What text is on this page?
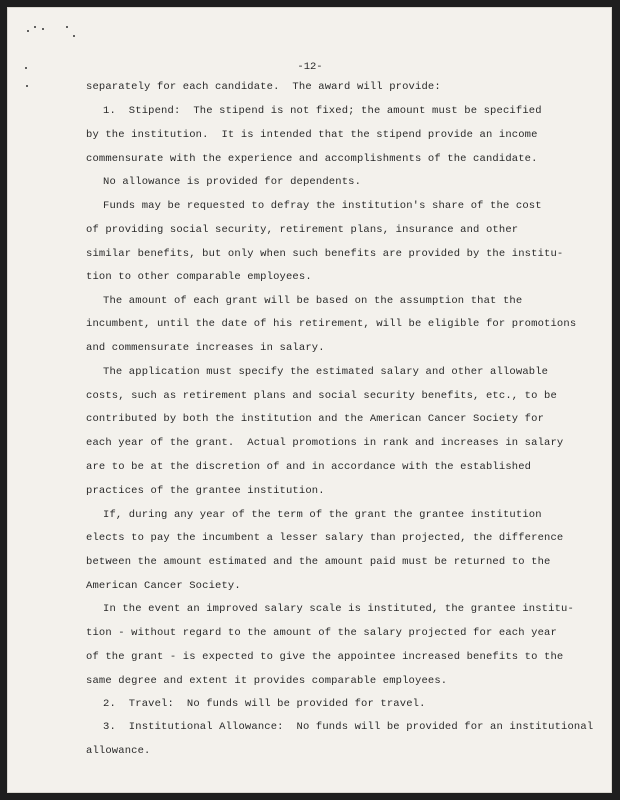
-12-
separately for each candidate.  The award will provide:
1.  Stipend:  The stipend is not fixed; the amount must be specified
by the institution.  It is intended that the stipend provide an income
commensurate with the experience and accomplishments of the candidate.
No allowance is provided for dependents.
Funds may be requested to defray the institution's share of the cost
of providing social security, retirement plans, insurance and other
similar benefits, but only when such benefits are provided by the institu-
tion to other comparable employees.
The amount of each grant will be based on the assumption that the
incumbent, until the date of his retirement, will be eligible for promotions
and commensurate increases in salary.
The application must specify the estimated salary and other allowable
costs, such as retirement plans and social security benefits, etc., to be
contributed by both the institution and the American Cancer Society for
each year of the grant.  Actual promotions in rank and increases in salary
are to be at the discretion of and in accordance with the established
practices of the grantee institution.
If, during any year of the term of the grant the grantee institution
elects to pay the incumbent a lesser salary than projected, the difference
between the amount estimated and the amount paid must be returned to the
American Cancer Society.
In the event an improved salary scale is instituted, the grantee institu-
tion - without regard to the amount of the salary projected for each year
of the grant - is expected to give the appointee increased benefits to the
same degree and extent it provides comparable employees.
2.  Travel:  No funds will be provided for travel.
3.  Institutional Allowance:  No funds will be provided for an institutional
allowance.
